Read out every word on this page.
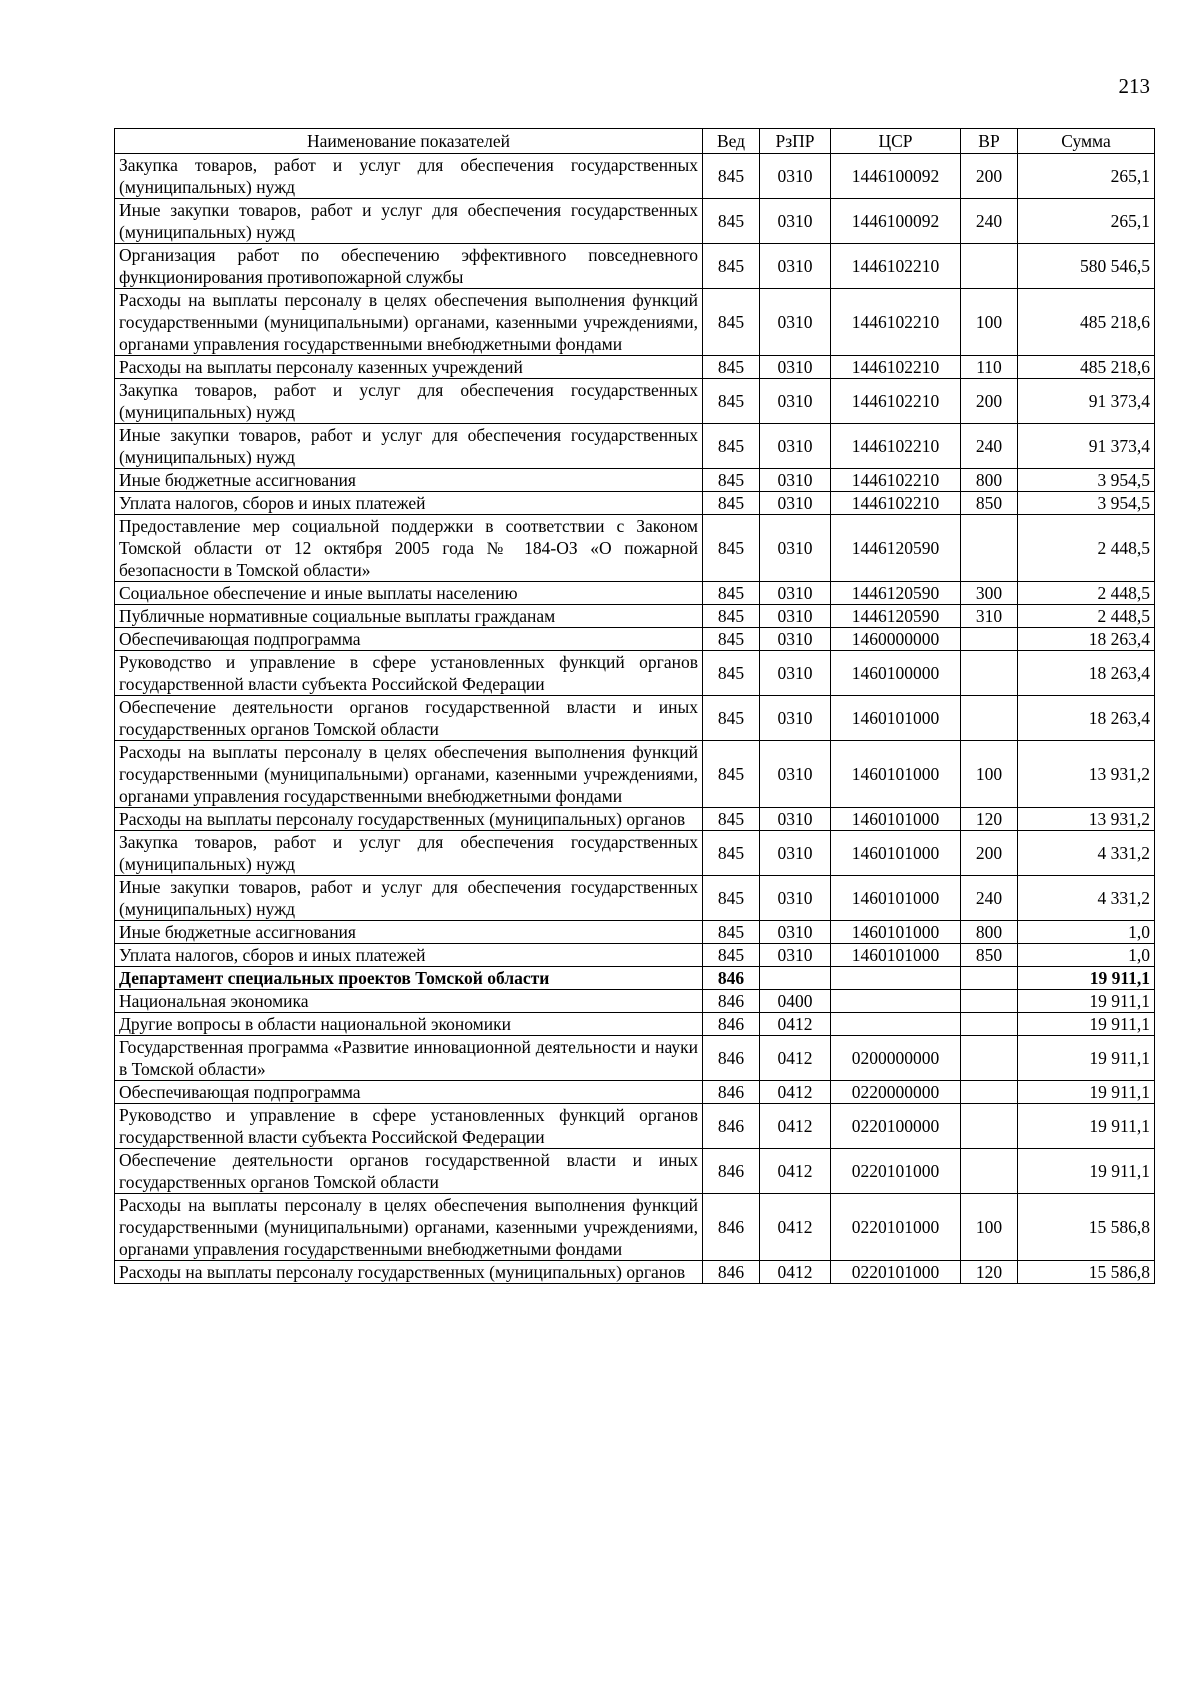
213
Наименование показателей	Вед	РзПР	ЦСР	ВР	Сумма
Закупка товаров, работ и услуг для обеспечения государственных (муниципальных) нужд	845	0310	1446100092	200	265,1
Иные закупки товаров, работ и услуг для обеспечения государственных (муниципальных) нужд	845	0310	1446100092	240	265,1
Организация работ по обеспечению эффективного повседневного функционирования противопожарной службы	845	0310	1446102210		580 546,5
Расходы на выплаты персоналу в целях обеспечения выполнения функций государственными (муниципальными) органами, казенными учреждениями, органами управления государственными внебюджетными фондами	845	0310	1446102210	100	485 218,6
Расходы на выплаты персоналу казенных учреждений	845	0310	1446102210	110	485 218,6
Закупка товаров, работ и услуг для обеспечения государственных (муниципальных) нужд	845	0310	1446102210	200	91 373,4
Иные закупки товаров, работ и услуг для обеспечения государственных (муниципальных) нужд	845	0310	1446102210	240	91 373,4
Иные бюджетные ассигнования	845	0310	1446102210	800	3 954,5
Уплата налогов, сборов и иных платежей	845	0310	1446102210	850	3 954,5
Предоставление мер социальной поддержки в соответствии с Законом Томской области от 12 октября 2005 года № 184-ОЗ «О пожарной безопасности в Томской области»	845	0310	1446120590		2 448,5
Социальное обеспечение и иные выплаты населению	845	0310	1446120590	300	2 448,5
Публичные нормативные социальные выплаты гражданам	845	0310	1446120590	310	2 448,5
Обеспечивающая подпрограмма	845	0310	1460000000		18 263,4
Руководство и управление в сфере установленных функций органов государственной власти субъекта Российской Федерации	845	0310	1460100000		18 263,4
Обеспечение деятельности органов государственной власти и иных государственных органов Томской области	845	0310	1460101000		18 263,4
Расходы на выплаты персоналу в целях обеспечения выполнения функций государственными (муниципальными) органами, казенными учреждениями, органами управления государственными внебюджетными фондами	845	0310	1460101000	100	13 931,2
Расходы на выплаты персоналу государственных (муниципальных) органов	845	0310	1460101000	120	13 931,2
Закупка товаров, работ и услуг для обеспечения государственных (муниципальных) нужд	845	0310	1460101000	200	4 331,2
Иные закупки товаров, работ и услуг для обеспечения государственных (муниципальных) нужд	845	0310	1460101000	240	4 331,2
Иные бюджетные ассигнования	845	0310	1460101000	800	1,0
Уплата налогов, сборов и иных платежей	845	0310	1460101000	850	1,0
Департамент специальных проектов Томской области	846				19 911,1
Национальная экономика	846	0400			19 911,1
Другие вопросы в области национальной экономики	846	0412			19 911,1
Государственная программа «Развитие инновационной деятельности и науки в Томской области»	846	0412	0200000000		19 911,1
Обеспечивающая подпрограмма	846	0412	0220000000		19 911,1
Руководство и управление в сфере установленных функций органов государственной власти субъекта Российской Федерации	846	0412	0220100000		19 911,1
Обеспечение деятельности органов государственной власти и иных государственных органов Томской области	846	0412	0220101000		19 911,1
Расходы на выплаты персоналу в целях обеспечения выполнения функций государственными (муниципальными) органами, казенными учреждениями, органами управления государственными внебюджетными фондами	846	0412	0220101000	100	15 586,8
Расходы на выплаты персоналу государственных (муниципальных) органов	846	0412	0220101000	120	15 586,8
